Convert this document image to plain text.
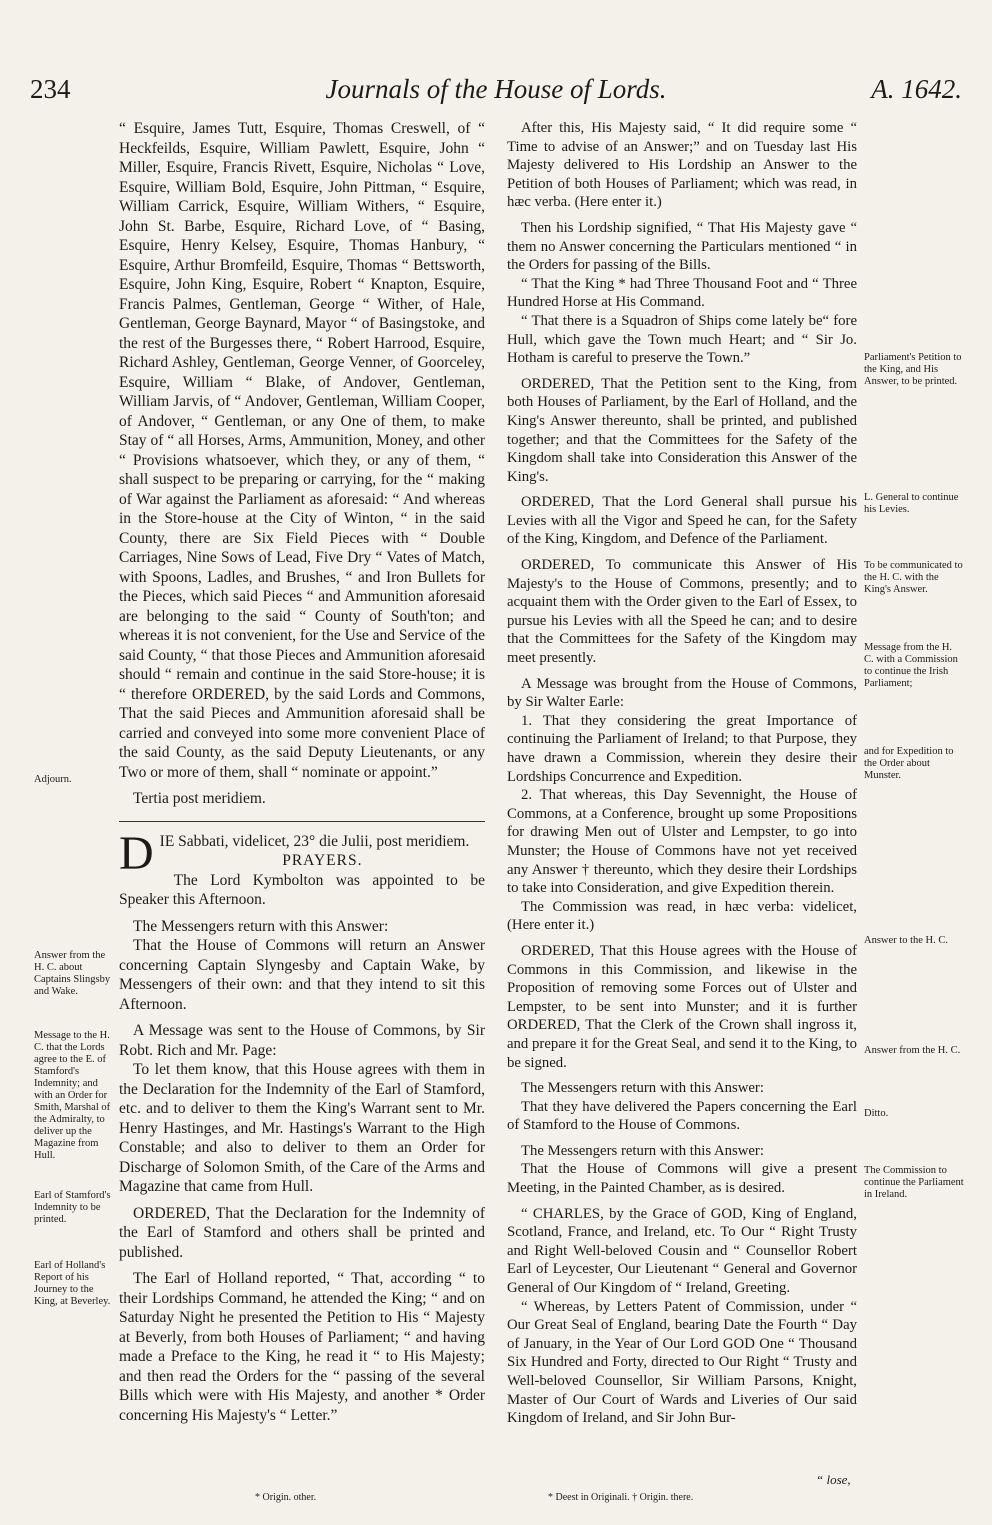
234	Journals of the House of Lords.	A. 1642.
Adjourn.
Answer from the H. C. about Captains Slingsby and Wake.
Message to the H. C. that the Lords agree to the E. of Stamford's Indemnity; and with an Order for Smith, Marshal of the Admiralty, to deliver up the Magazine from Hull.
Earl of Stamford's Indemnity to be printed.
Earl of Holland's Report of his Journey to the King, at Beverley.
Parliament's Petition to the King, and His Answer, to be printed.
L. General to continue his Levies.
To be communicated to the H. C. with the King's Answer.
Message from the H. C. with a Commission to continue the Irish Parliament;
and for Expedition to the Order about Munster.
Answer to the H. C.
Answer from the H. C.
Ditto.
The Commission to continue the Parliament in Ireland.

“ Esquire, James Tutt, Esquire, Thomas Creswell, of “ Heckfeilds, Esquire, William Pawlett, Esquire, John “ Miller, Esquire, Francis Rivett, Esquire, Nicholas “ Love, Esquire, William Bold, Esquire, John Pittman, “ Esquire, William Carrick, Esquire, William Withers, “ Esquire, John St. Barbe, Esquire, Richard Love, of “ Basing, Esquire, Henry Kelsey, Esquire, Thomas Hanbury, “ Esquire, Arthur Bromfeild, Esquire, Thomas “ Bettsworth, Esquire, John King, Esquire, Robert “ Knapton, Esquire, Francis Palmes, Gentleman, George “ Wither, of Hale, Gentleman, George Baynard, Mayor “ of Basingstoke, and the rest of the Burgesses there, “ Robert Harrood, Esquire, Richard Ashley, Gentleman, George Venner, of Goorceley, Esquire, William “ Blake, of Andover, Gentleman, William Jarvis, of “ Andover, Gentleman, William Cooper, of Andover, “ Gentleman, or any One of them, to make Stay of “ all Horses, Arms, Ammunition, Money, and other “ Provisions whatsoever, which they, or any of them, “ shall suspect to be preparing or carrying, for the “ making of War against the Parliament as aforesaid: “ And whereas in the Store-house at the City of Winton, “ in the said County, there are Six Field Pieces with “ Double Carriages, Nine Sows of Lead, Five Dry “ Vates of Match, with Spoons, Ladles, and Brushes, “ and Iron Bullets for the Pieces, which said Pieces “ and Ammunition aforesaid are belonging to the said “ County of South'ton; and whereas it is not convenient, for the Use and Service of the said County, “ that those Pieces and Ammunition aforesaid should “ remain and continue in the said Store-house; it is “ therefore ORDERED, by the said Lords and Commons, That the said Pieces and Ammunition aforesaid shall be carried and conveyed into some more convenient Place of the said County, as the said Deputy Lieutenants, or any Two or more of them, shall “ nominate or appoint.”

Tertia post meridiem.

DIE Sabbati, videlicet, 23° die Julii, post meridiem.

PRAYERS.

The Lord Kymbolton was appointed to be Speaker this Afternoon.

The Messengers return with this Answer:

That the House of Commons will return an Answer concerning Captain Slyngesby and Captain Wake, by Messengers of their own: and that they intend to sit this Afternoon.

A Message was sent to the House of Commons, by Sir Robt. Rich and Mr. Page:

To let them know, that this House agrees with them in the Declaration for the Indemnity of the Earl of Stamford, etc. and to deliver to them the King's Warrant sent to Mr. Henry Hastinges, and Mr. Hastings's Warrant to the High Constable; and also to deliver to them an Order for Discharge of Solomon Smith, of the Care of the Arms and Magazine that came from Hull.

ORDERED, That the Declaration for the Indemnity of the Earl of Stamford and others shall be printed and published.

The Earl of Holland reported, “ That, according “ to their Lordships Command, he attended the King; “ and on Saturday Night he presented the Petition to His “ Majesty at Beverly, from both Houses of Parliament; “ and having made a Preface to the King, he read it “ to His Majesty; and then read the Orders for the “ passing of the several Bills which were with His Majesty, and another * Order concerning His Majesty's “ Letter.”

After this, His Majesty said, “ It did require some “ Time to advise of an Answer;” and on Tuesday last His Majesty delivered to His Lordship an Answer to the Petition of both Houses of Parliament; which was read, in hæc verba. (Here enter it.)

Then his Lordship signified, “ That His Majesty gave “ them no Answer concerning the Particulars mentioned “ in the Orders for passing of the Bills.

“ That the King * had Three Thousand Foot and “ Three Hundred Horse at His Command.

“ That there is a Squadron of Ships come lately be“ fore Hull, which gave the Town much Heart; and “ Sir Jo. Hotham is careful to preserve the Town.”

ORDERED, That the Petition sent to the King, from both Houses of Parliament, by the Earl of Holland, and the King's Answer thereunto, shall be printed, and published together; and that the Committees for the Safety of the Kingdom shall take into Consideration this Answer of the King's.

ORDERED, That the Lord General shall pursue his Levies with all the Vigor and Speed he can, for the Safety of the King, Kingdom, and Defence of the Parliament.

ORDERED, To communicate this Answer of His Majesty's to the House of Commons, presently; and to acquaint them with the Order given to the Earl of Essex, to pursue his Levies with all the Speed he can; and to desire that the Committees for the Safety of the Kingdom may meet presently.

A Message was brought from the House of Commons, by Sir Walter Earle:

1. That they considering the great Importance of continuing the Parliament of Ireland; to that Purpose, they have drawn a Commission, wherein they desire their Lordships Concurrence and Expedition.

2. That whereas, this Day Sevennight, the House of Commons, at a Conference, brought up some Propositions for drawing Men out of Ulster and Lempster, to go into Munster; the House of Commons have not yet received any Answer † thereunto, which they desire their Lordships to take into Consideration, and give Expedition therein.

The Commission was read, in hæc verba: videlicet, (Here enter it.)

ORDERED, That this House agrees with the House of Commons in this Commission, and likewise in the Proposition of removing some Forces out of Ulster and Lempster, to be sent into Munster; and it is further ORDERED, That the Clerk of the Crown shall ingross it, and prepare it for the Great Seal, and send it to the King, to be signed.

The Messengers return with this Answer:

That they have delivered the Papers concerning the Earl of Stamford to the House of Commons.

The Messengers return with this Answer:

That the House of Commons will give a present Meeting, in the Painted Chamber, as is desired.

“ CHARLES, by the Grace of GOD, King of England, Scotland, France, and Ireland, etc. To Our “ Right Trusty and Right Well-beloved Cousin and “ Counsellor Robert Earl of Leycester, Our Lieutenant “ General and Governor General of Our Kingdom of “ Ireland, Greeting.

“ Whereas, by Letters Patent of Commission, under “ Our Great Seal of England, bearing Date the Fourth “ Day of January, in the Year of Our Lord GOD One “ Thousand Six Hundred and Forty, directed to Our Right “ Trusty and Well-beloved Counsellor, Sir William Parsons, Knight, Master of Our Court of Wards and Liveries of Our said Kingdom of Ireland, and Sir John Bur-

“ lose,
* Origin. other.	* Deest in Originali. † Origin. there.
